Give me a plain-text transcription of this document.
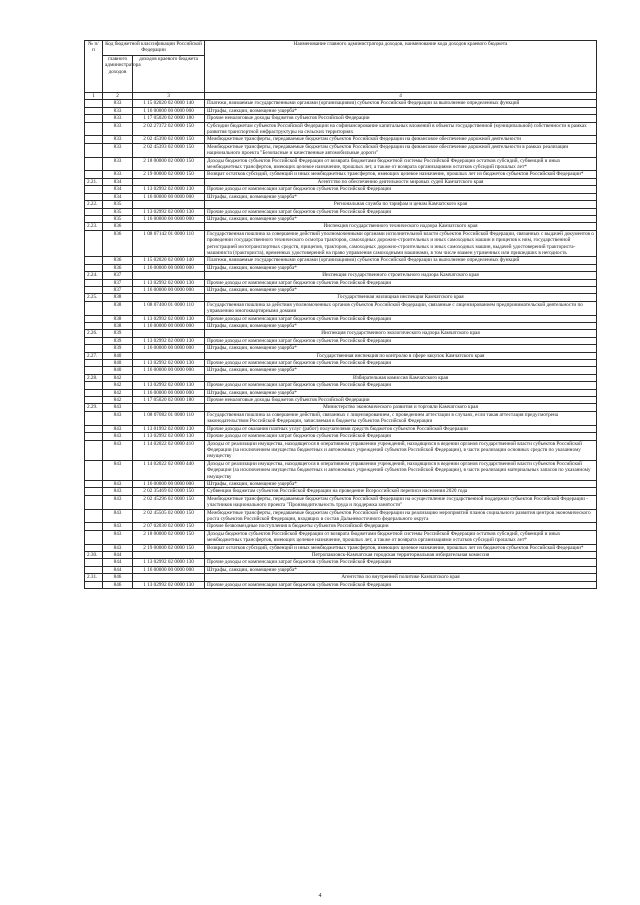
№ п/п	Код бюджетной классификации Российской Федерации		Наименование главного администратора доходов, наименование кода доходов краевого бюджета
	главного администратора доходов	доходов краевого бюджета	
1	2	3	4
	833	1 15 02020 02 0000 140	Платежи, взимаемые государственными органами (организациями) субъектов Российской Федерации за выполнение определенных функций
	833	1 16 00000 00 0000 000	Штрафы, санкции, возмещение ущерба*
	833	1 17 05020 02 0000 180	Прочие неналоговые доходы бюджетов субъектов Российской Федерации
	833	2 02 27372 02 0000 150	Субсидии бюджетам субъектов Российской Федерации на софинансирование капитальных вложений в объекты государственной (муниципальной) собственности в рамках развития транспортной инфраструктуры на сельских территориях
	833	2 02 45390 02 0000 150	Межбюджетные трансферты, передаваемые бюджетам субъектов Российской Федерации на финансовое обеспечение дорожной деятельности
	833	2 02 45393 02 0000 150	Межбюджетные трансферты, передаваемые бюджетам субъектов Российской Федерации на финансовое обеспечение дорожной деятельности в рамках реализации национального проекта "Безопасные и качественные автомобильные дороги"
	833	2 18 00000 02 0000 150	Доходы бюджетов субъектов Российской Федерации от возврата бюджетами бюджетной системы Российской Федерации остатков субсидий, субвенций и иных межбюджетных трансфертов, имеющих целевое назначение, прошлых лет, а также от возврата организациями остатков субсидий прошлых лет*
	833	2 19 00000 02 0000 150	Возврат остатков субсидий, субвенций и иных межбюджетных трансфертов, имеющих целевое назначение, прошлых лет из бюджетов субъектов Российской Федерации*
2.21.	834		Агентство по обеспечению деятельности мировых судей Камчатского края
	834	1 13 02992 02 0000 130	Прочие доходы от компенсации затрат бюджетов субъектов Российской Федерации
	834	1 16 00000 00 0000 000	Штрафы, санкции, возмещение ущерба*
2.22.	835		Региональная служба по тарифам и ценам Камчатского края
	835	1 13 02992 02 0000 130	Прочие доходы от компенсации затрат бюджетов субъектов Российской Федерации
	835	1 16 00000 00 0000 000	Штрафы, санкции, возмещение ущерба*
2.23.	836		Инспекция государственного технического надзора Камчатского края
	836	1 08 07142 01 0000 110	Государственная пошлина за совершение действий уполномоченными органами исполнительной власти субъектов Российской Федерации, связанных с выдачей документов о проведении государственного технического осмотра тракторов, самоходных дорожно-строительных и иных самоходных машин и прицепов к ним, государственной регистрацией мототранспортных средств, прицепов, тракторов, самоходных дорожно-строительных и иных самоходных машин, выдачей удостоверений тракториста-машиниста (тракториста), временных удостоверений на право управления самоходными машинами, в том числе взамен утраченных или пришедших в негодность
	836	1 15 02020 02 0000 140	Платежи, взимаемые государственными органами (организациями) субъектов Российской Федерации за выполнение определенных функций
	836	1 16 00000 00 0000 000	Штрафы, санкции, возмещение ущерба*
2.24.	837		Инспекция государственного строительного надзора Камчатского края
	837	1 13 02992 02 0000 130	Прочие доходы от компенсации затрат бюджетов субъектов Российской Федерации
	837	1 16 00000 00 0000 000	Штрафы, санкции, возмещение ущерба*
2.25.	838		Государственная жилищная инспекция Камчатского края
	838	1 08 07400 01 0000 110	Государственная пошлина за действия уполномоченных органов субъектов Российской Федерации, связанные с лицензированием предпринимательской деятельности по управлению многоквартирными домами
	838	1 13 02992 02 0000 130	Прочие доходы от компенсации затрат бюджетов субъектов Российской Федерации
	838	1 16 00000 00 0000 000	Штрафы, санкции, возмещение ущерба*
2.26.	839		Инспекция государственного экологического надзора Камчатского края
	839	1 13 02992 02 0000 130	Прочие доходы от компенсации затрат бюджетов субъектов Российской Федерации
	839	1 16 00000 00 0000 000	Штрафы, санкции, возмещение ущерба*
2.27.	840		Государственная инспекция по контролю в сфере закупок Камчатского края
	840	1 13 02992 02 0000 130	Прочие доходы от компенсации затрат бюджетов субъектов Российской Федерации
	840	1 16 00000 00 0000 000	Штрафы, санкции, возмещение ущерба*
2.28.	842		Избирательная комиссия Камчатского края
	842	1 13 02992 02 0000 130	Прочие доходы от компенсации затрат бюджетов субъектов Российской Федерации
	842	1 16 00000 00 0000 000	Штрафы, санкции, возмещение ущерба*
	842	1 17 05020 02 0000 180	Прочие неналоговые доходы бюджетов субъектов Российской Федерации
2.29.	843		Министерство экономического развития и торговли Камчатского края
	843	1 08 07082 01 0000 110	Государственная пошлина за совершение действий, связанных с лицензированием, с проведением аттестации в случаях, если такая аттестация предусмотрена законодательством Российской Федерации, зачисляемая в бюджеты субъектов Российской Федерации
	843	1 13 01992 02 0000 130	Прочие доходы от оказания платных услуг (работ) получателями средств бюджетов субъектов Российской Федерации
	843	1 13 02992 02 0000 130	Прочие доходы от компенсации затрат бюджетов субъектов Российской Федерации
	843	1 14 02022 02 0000 410	Доходы от реализации имущества, находящегося в оперативном управлении учреждений, находящихся в ведении органов государственной власти субъектов Российской Федерации (за исключением имущества бюджетных и автономных учреждений субъектов Российской Федерации), в части реализации основных средств по указанному имуществу
	843	1 14 02022 02 0000 440	Доходы от реализации имущества, находящегося в оперативном управлении учреждений, находящихся в ведении органов государственной власти субъектов Российской Федерации (за исключением имущества бюджетных и автономных учреждений субъектов Российской Федерации), в части реализации материальных запасов по указанному имуществу
	843	1 16 00000 00 0000 000	Штрафы, санкции, возмещение ущерба*
	843	2 02 35469 02 0000 150	Субвенции бюджетам субъектов Российской Федерации на проведение Всероссийской переписи населения 2020 года
	843	2 02 45296 02 0000 150	Межбюджетные трансферты, передаваемые бюджетам субъектов Российской Федерации на осуществление государственной поддержки субъектов Российской Федерации - участников национального проекта "Производительность труда и поддержка занятости"
	843	2 02 45505 02 0000 150	Межбюджетные трансферты, передаваемые бюджетам субъектов Российской Федерации на реализацию мероприятий планов социального развития центров экономического роста субъектов Российской Федерации, входящих в состав Дальневосточного федерального округа
	843	2 07 02030 02 0000 150	Прочие безвозмездные поступления в бюджеты субъектов Российской Федерации
	843	2 18 00000 02 0000 150	Доходы бюджетов субъектов Российской Федерации от возврата бюджетами бюджетной системы Российской Федерации остатков субсидий, субвенций и иных межбюджетных трансфертов, имеющих целевое назначение, прошлых лет, а также от возврата организациями остатков субсидий прошлых лет*
	843	2 19 00000 02 0000 150	Возврат остатков субсидий, субвенций и иных межбюджетных трансфертов, имеющих целевое назначение, прошлых лет из бюджетов субъектов Российской Федерации*
2.30.	844		Петропавловск-Камчатская городская территориальная избирательная комиссия
	844	1 13 02992 02 0000 130	Прочие доходы от компенсации затрат бюджетов субъектов Российской Федерации
	844	1 16 00000 00 0000 000	Штрафы, санкции, возмещение ущерба*
2.31.	846		Агентство по внутренней политике Камчатского края
	846	1 13 02992 02 0000 130	Прочие доходы от компенсации затрат бюджетов субъектов Российской Федерации
4
